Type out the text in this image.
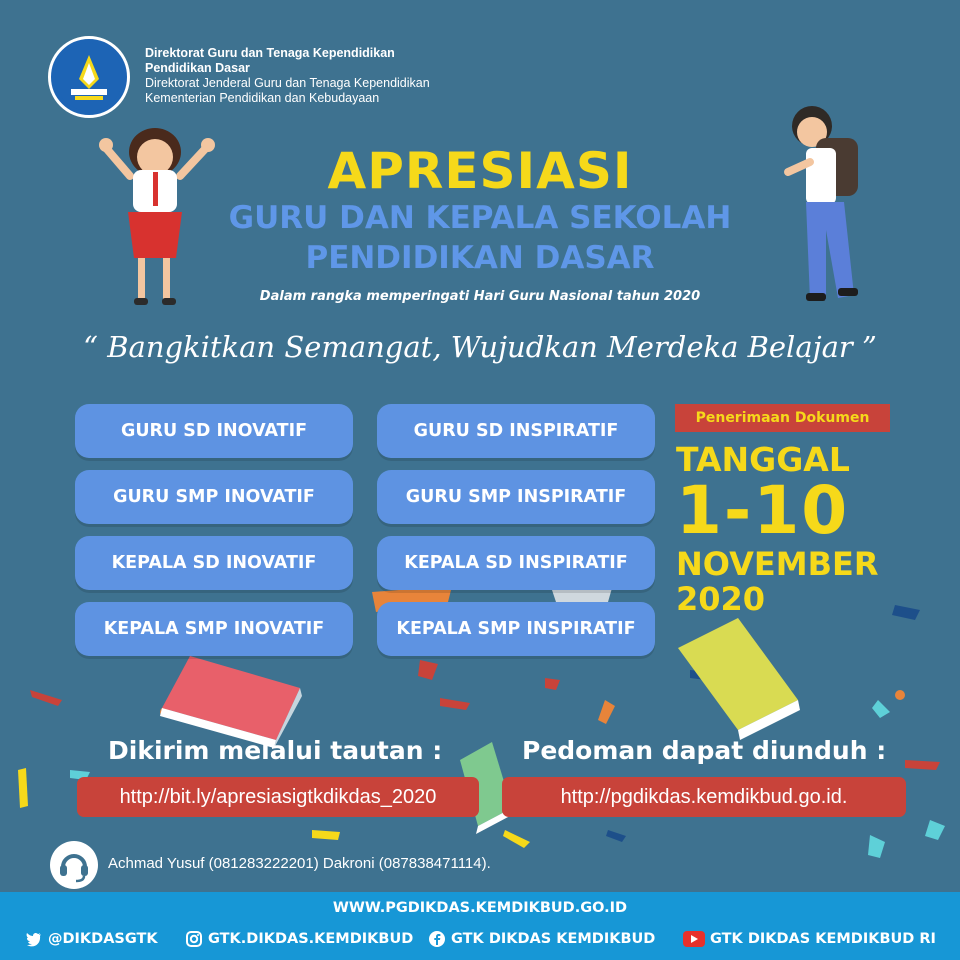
Direktorat Guru dan Tenaga Kependidikan
Pendidikan Dasar
Direktorat Jenderal Guru dan Tenaga Kependidikan
Kementerian Pendidikan dan Kebudayaan
APRESIASI
GURU DAN KEPALA SEKOLAH
PENDIDIKAN DASAR
Dalam rangka memperingati Hari Guru Nasional tahun 2020
“ Bangkitkan Semangat, Wujudkan Merdeka Belajar ”
GURU SD INOVATIF	GURU SD INSPIRATIF
GURU SMP INOVATIF	GURU SMP INSPIRATIF
KEPALA SD INOVATIF	KEPALA SD INSPIRATIF
KEPALA SMP INOVATIF	KEPALA SMP INSPIRATIF
Penerimaan Dokumen
TANGGAL
1-10
NOVEMBER
2020
Dikirim melalui tautan :
http://bit.ly/apresiasigtkdikdas_2020
Pedoman dapat diunduh :
http://pgdikdas.kemdikbud.go.id.
Achmad Yusuf (081283222201) Dakroni (087838471114).
WWW.PGDIKDAS.KEMDIKBUD.GO.ID
@DIKDASGTK	GTK.DIKDAS.KEMDIKBUD	GTK DIKDAS KEMDIKBUD	GTK DIKDAS KEMDIKBUD RI
